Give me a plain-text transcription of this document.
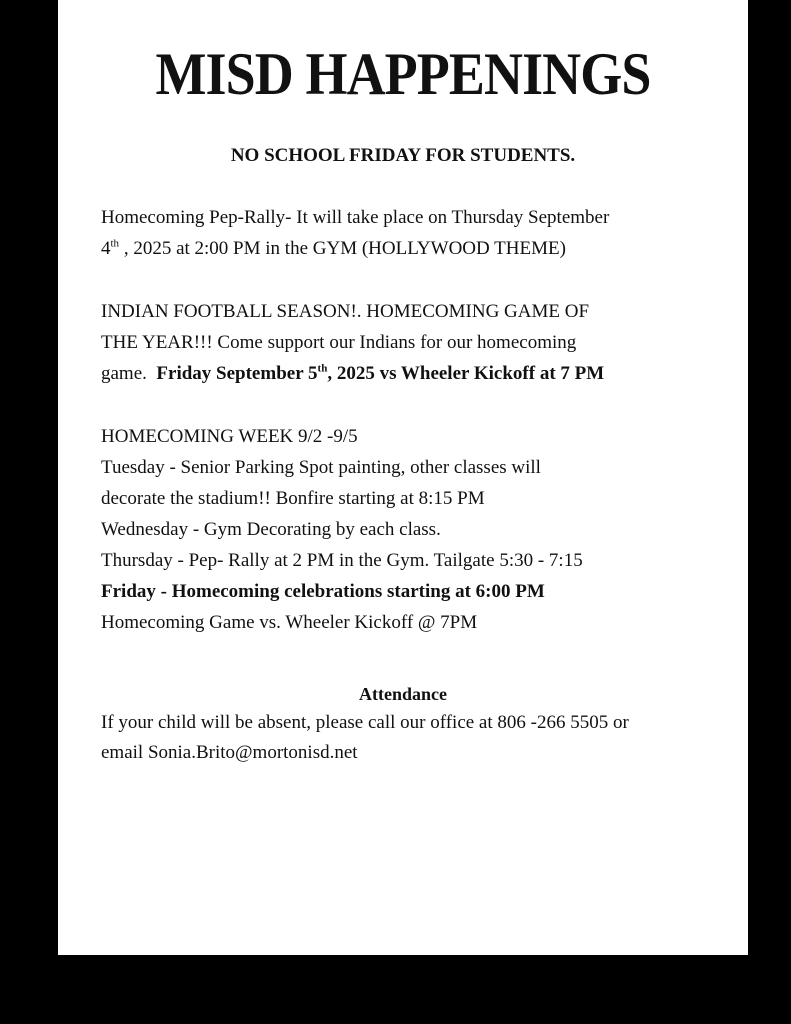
MISD HAPPENINGS
NO SCHOOL FRIDAY FOR STUDENTS.
Homecoming Pep-Rally- It will take place on Thursday September
4th , 2025 at 2:00 PM in the GYM (HOLLYWOOD THEME)
INDIAN FOOTBALL SEASON!. HOMECOMING GAME OF
THE YEAR!!! Come support our Indians for our homecoming
game.  Friday September 5th, 2025 vs Wheeler Kickoff at 7 PM
HOMECOMING WEEK 9/2 -9/5
Tuesday - Senior Parking Spot painting, other classes will
decorate the stadium!! Bonfire starting at 8:15 PM
Wednesday - Gym Decorating by each class.
Thursday - Pep- Rally at 2 PM in the Gym. Tailgate 5:30 - 7:15
Friday - Homecoming celebrations starting at 6:00 PM
Homecoming Game vs. Wheeler Kickoff @ 7PM
Attendance
If your child will be absent, please call our office at 806 -266 5505 or
email Sonia.Brito@mortonisd.net
